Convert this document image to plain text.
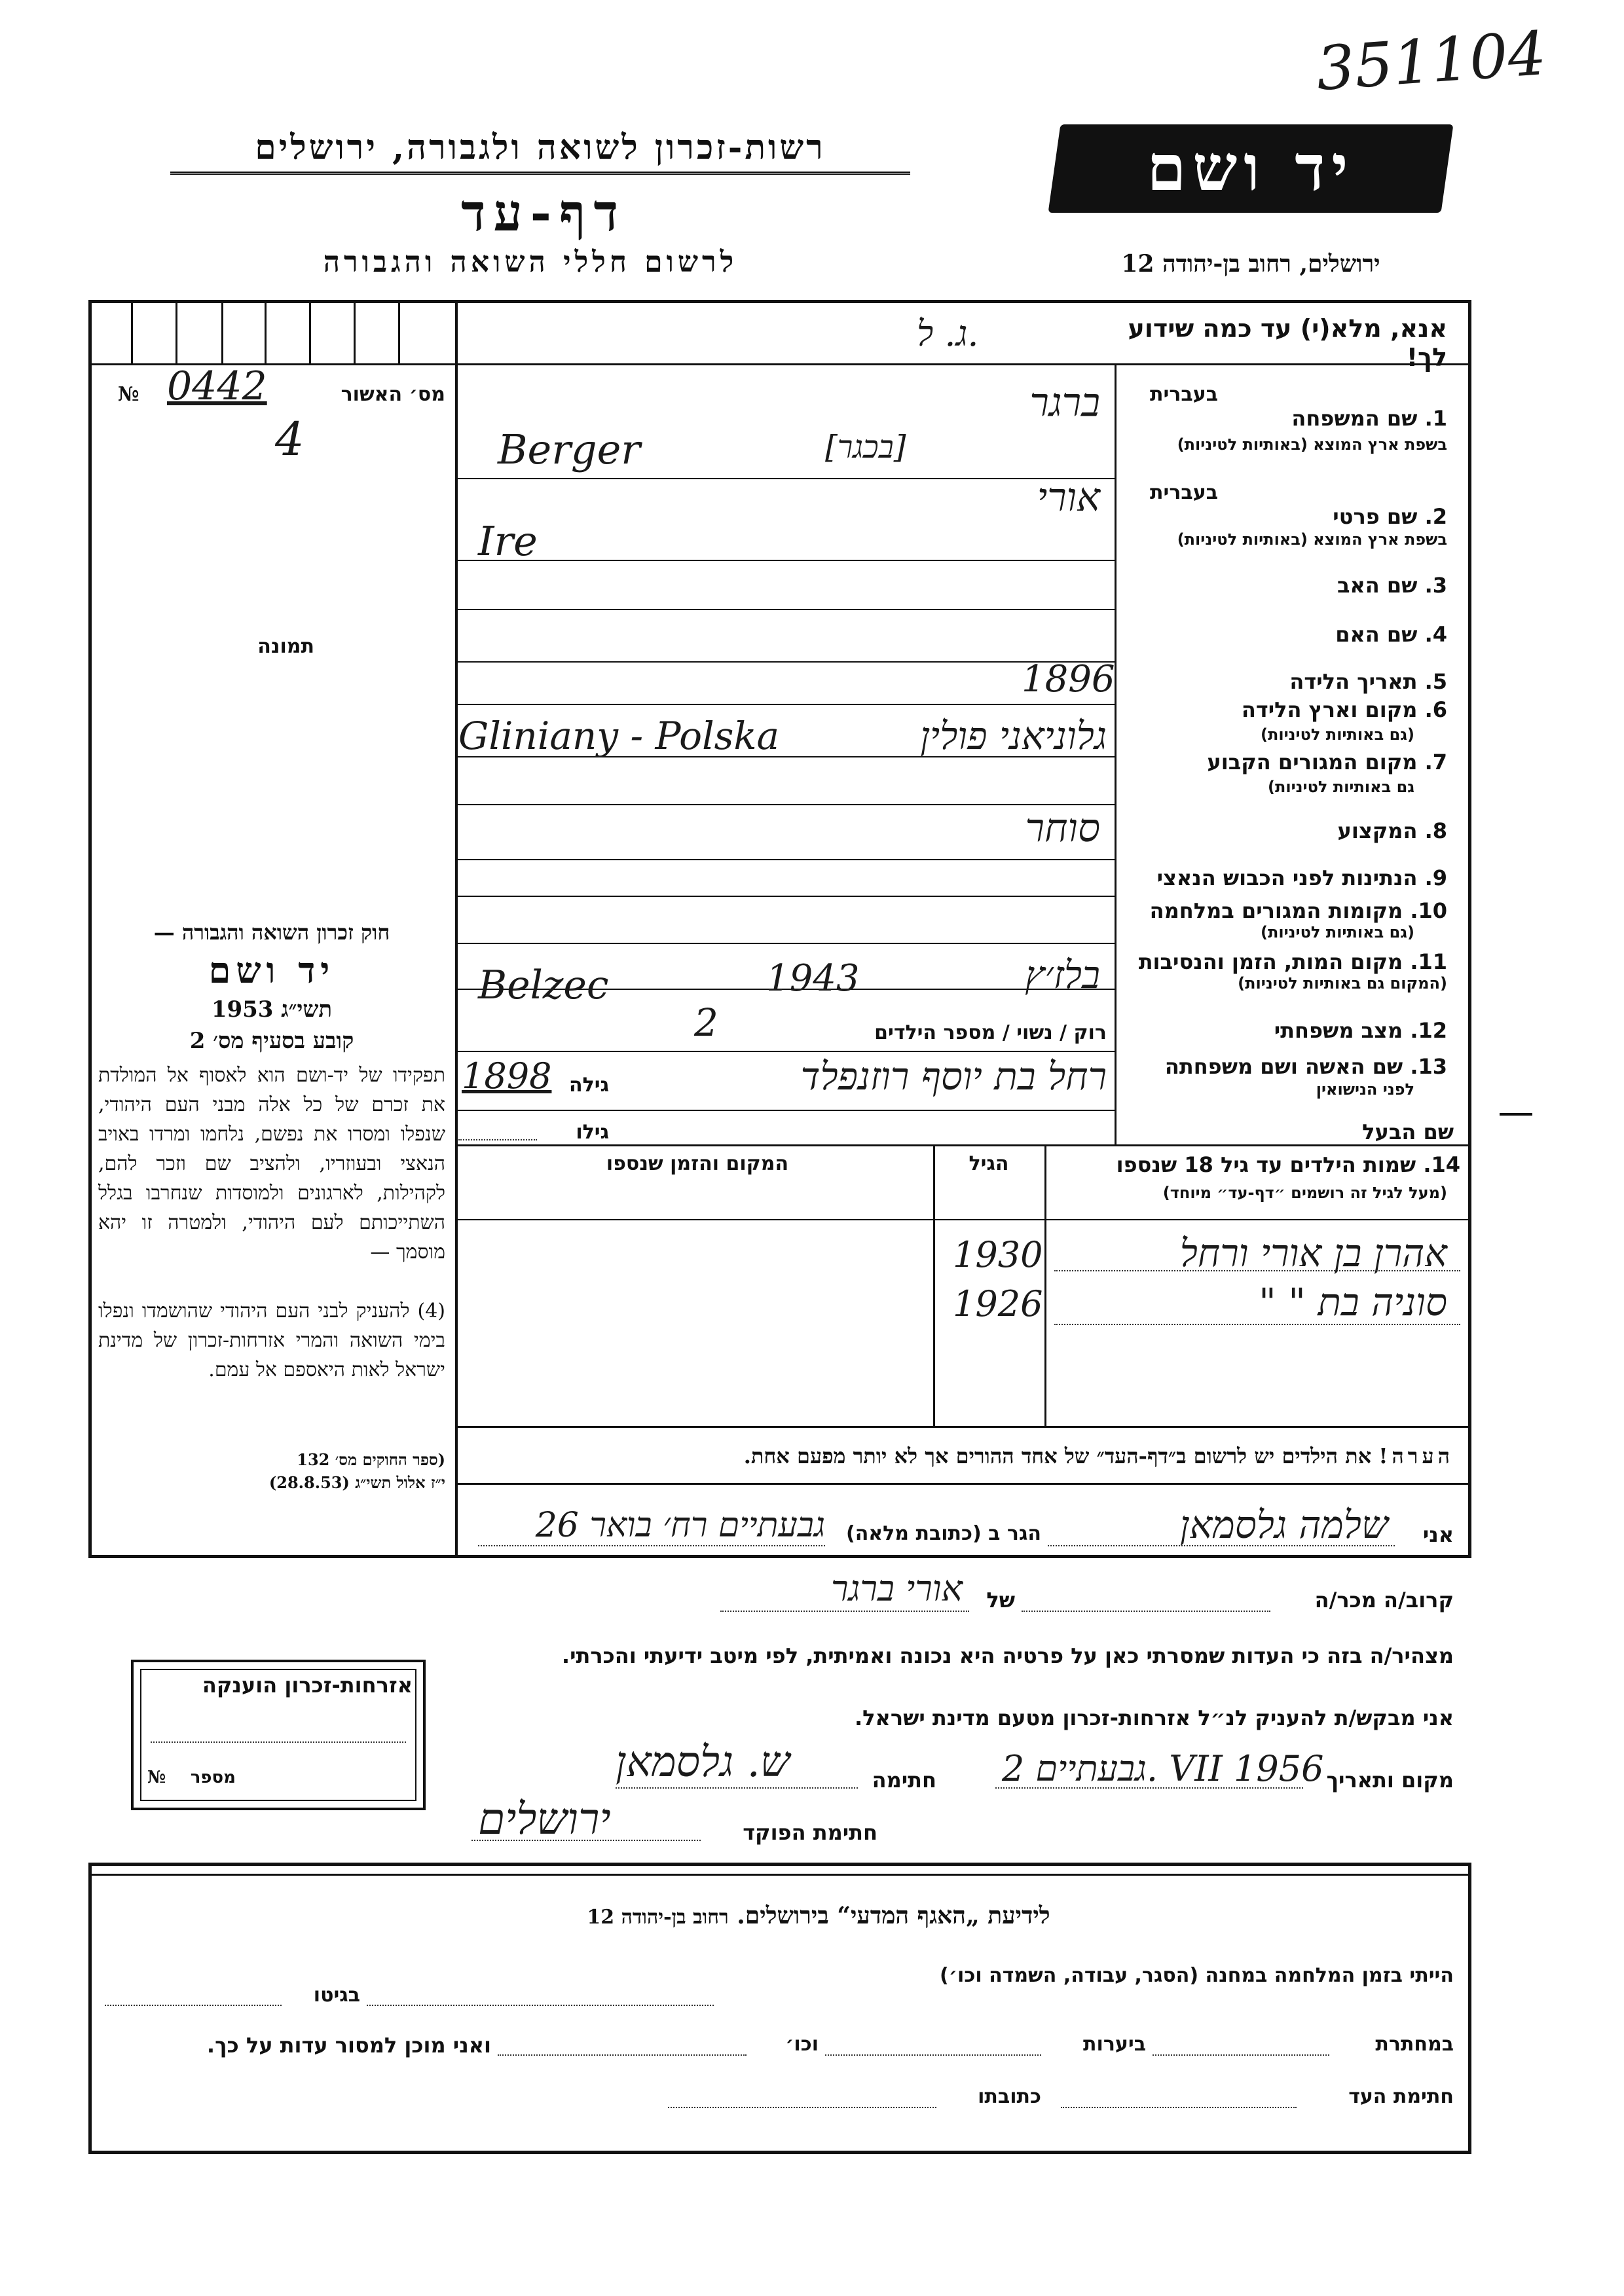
351104
רשות-זכרון לשואה ולגבורה, ירושלים
דף-עד
לרשום חללי השואה והגבורה
יד ושם
ירושלים, רחוב בן-יהודה 12
אנא, מלא(י) עד כמה שידוע לך!
ג. ל.
מס׳ האשור
№ 0442
4
תמונה
בעברית
1. שם המשפחה
בשפת ארץ המוצא (באותיות לטיניות)
ברגר
[בכגר]
Berger
בעברית
2. שם פרטי
בשפת ארץ המוצא (באותיות לטיניות)
אורי
Ire
3. שם האב
4. שם האם
5. תאריך הלידה
1896
6. מקום וארץ הלידה
(גם באותיות לטיניות)
גלוניאני פולין
Gliniany - Polska
7. מקום המגורים הקבוע
גם באותיות לטיניות)
8. המקצוע
סוחר
9. הנתינות לפני הכבוש הנאצי
10. מקומות המגורים במלחמה
(גם באותיות לטיניות)
11. מקום המות, הזמן והנסיבות
(המקום גם באותיות לטיניות)
Belzec	1943	בלז׳ץ
12. מצב משפחתי
רוק / נשוי / מספר הילדים
2
13. שם האשה ושם משפחתה
לפני הנישואין
גילה
1898	רחל בת יוסף רוזנפלד
שם הבעל
גילו
14. שמות הילדים עד גיל 18 שנספו
(מעל לגיל זה רושמים ״דף-עד״ מיוחד)
הגיל
המקום והזמן שנספו
אהרן בן אורי ורחל
1930
סוניה בת " "
1926
חוק זכרון השואה והגבורה —
יד ושם
תשי״ג 1953
קובע בסעיף מס׳ 2
תפקידו של יד-ושם הוא לאסוף אל המולדת את זכרם של כל אלה מבני העם היהודי, שנפלו ומסרו את נפשם, נלחמו ומרדו באויב הנאצי ובעוזריו, ולהציב שם וזכר להם, לקהילות, לארגונים ולמוסדות שנחרבו בגלל השתייכותם לעם היהודי, ולמטרה זו יהא מוסמך —
(4) להעניק לבני העם היהודי שהושמדו ונפלו בימי השואה והמרי אזרחות-זכרון של מדינת ישראל לאות היאספם אל עמם.
(ספר החוקים מס׳ 132
י״ז אלול תשי״ג (28.8.53)
הערה! את הילדים יש לרשום ב״דף-העד״ של אחד ההורים אך לא יותר מפעם אחת.
אני
שלמה גלסמאן
הגר ב (כתובת מלאה)
גבעתיים רח׳ בואר 26
קרוב/ה מכר/ה
של
אורי ברגר
מצהיר/ה בזה כי העדות שמסרתי כאן על פרטיה היא נכונה ואמיתית, לפי מיטב ידיעתי והכרתי.
אני מבקש/ת להעניק לנ״ל אזרחות-זכרון מטעם מדינת ישראל.
מקום ותאריך
גבעתיים 2. VII 1956
חתימה
ש. גלסמאן
חתימת הפוקד
ירושלים
אזרחות-זכרון הוענקה
מספר
№
לידיעת „האגף המדעי“ בירושלים. רחוב בן-יהודה 12
הייתי בזמן המלחמה במחנה (הסגר, עבודה, השמדה וכו׳)
בגיטו
במחתרת
ביערות
וכו׳
ואני מוכן למסור עדות על כך.
חתימת העד
כתובתו
